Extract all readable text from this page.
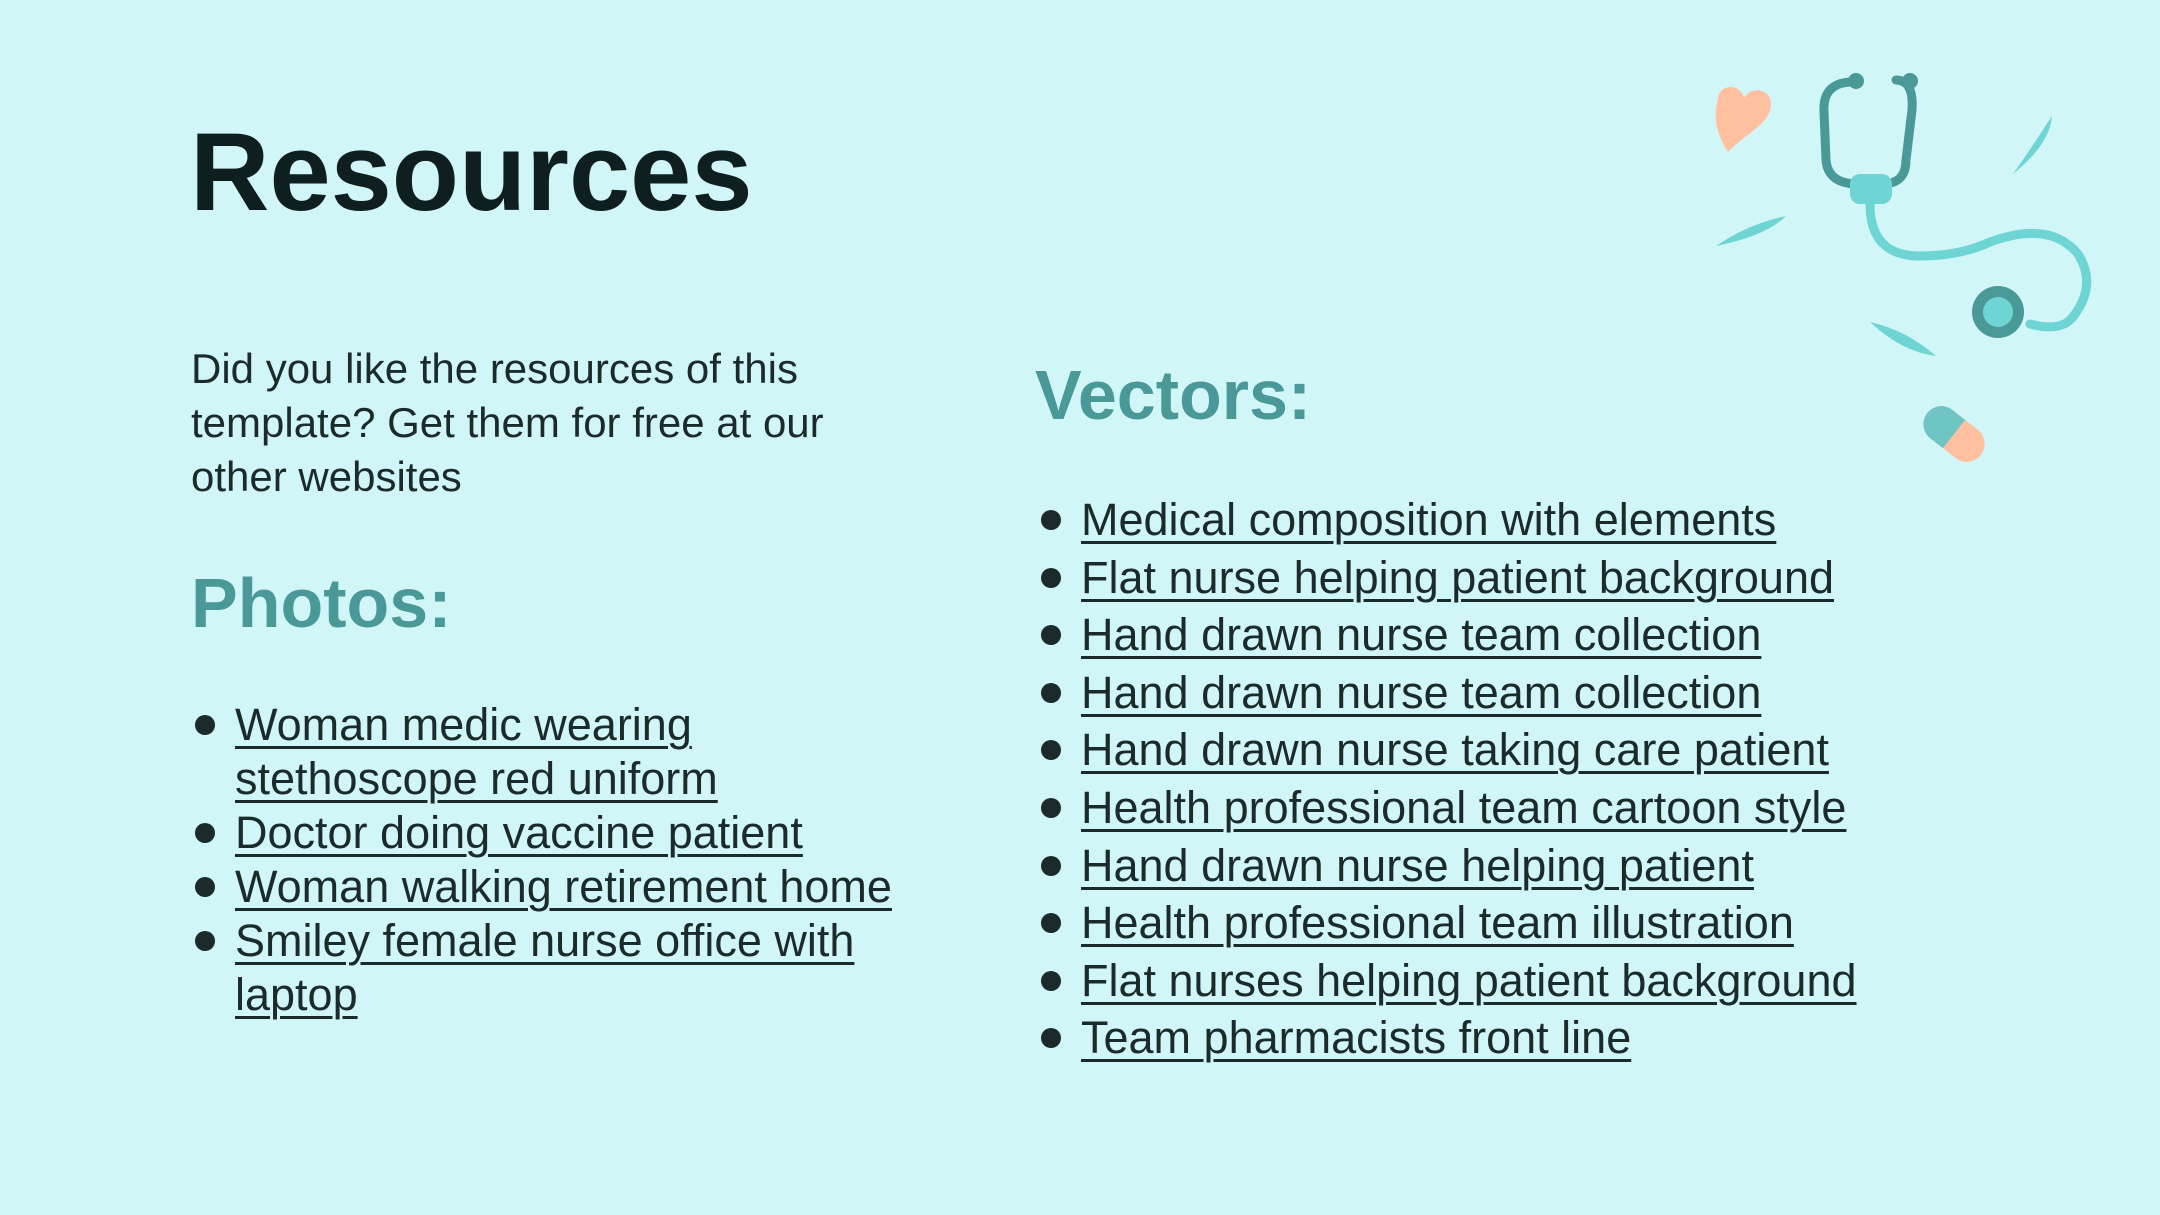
Resources

Did you like the resources of this template? Get them for free at our other websites

Photos:
Woman medic wearing stethoscope red uniform
Doctor doing vaccine patient
Woman walking retirement home
Smiley female nurse office with laptop
Vectors:
Medical composition with elements
Flat nurse helping patient background
Hand drawn nurse team collection
Hand drawn nurse team collection
Hand drawn nurse taking care patient
Health professional team cartoon style
Hand drawn nurse helping patient
Health professional team illustration
Flat nurses helping patient background
Team pharmacists front line
